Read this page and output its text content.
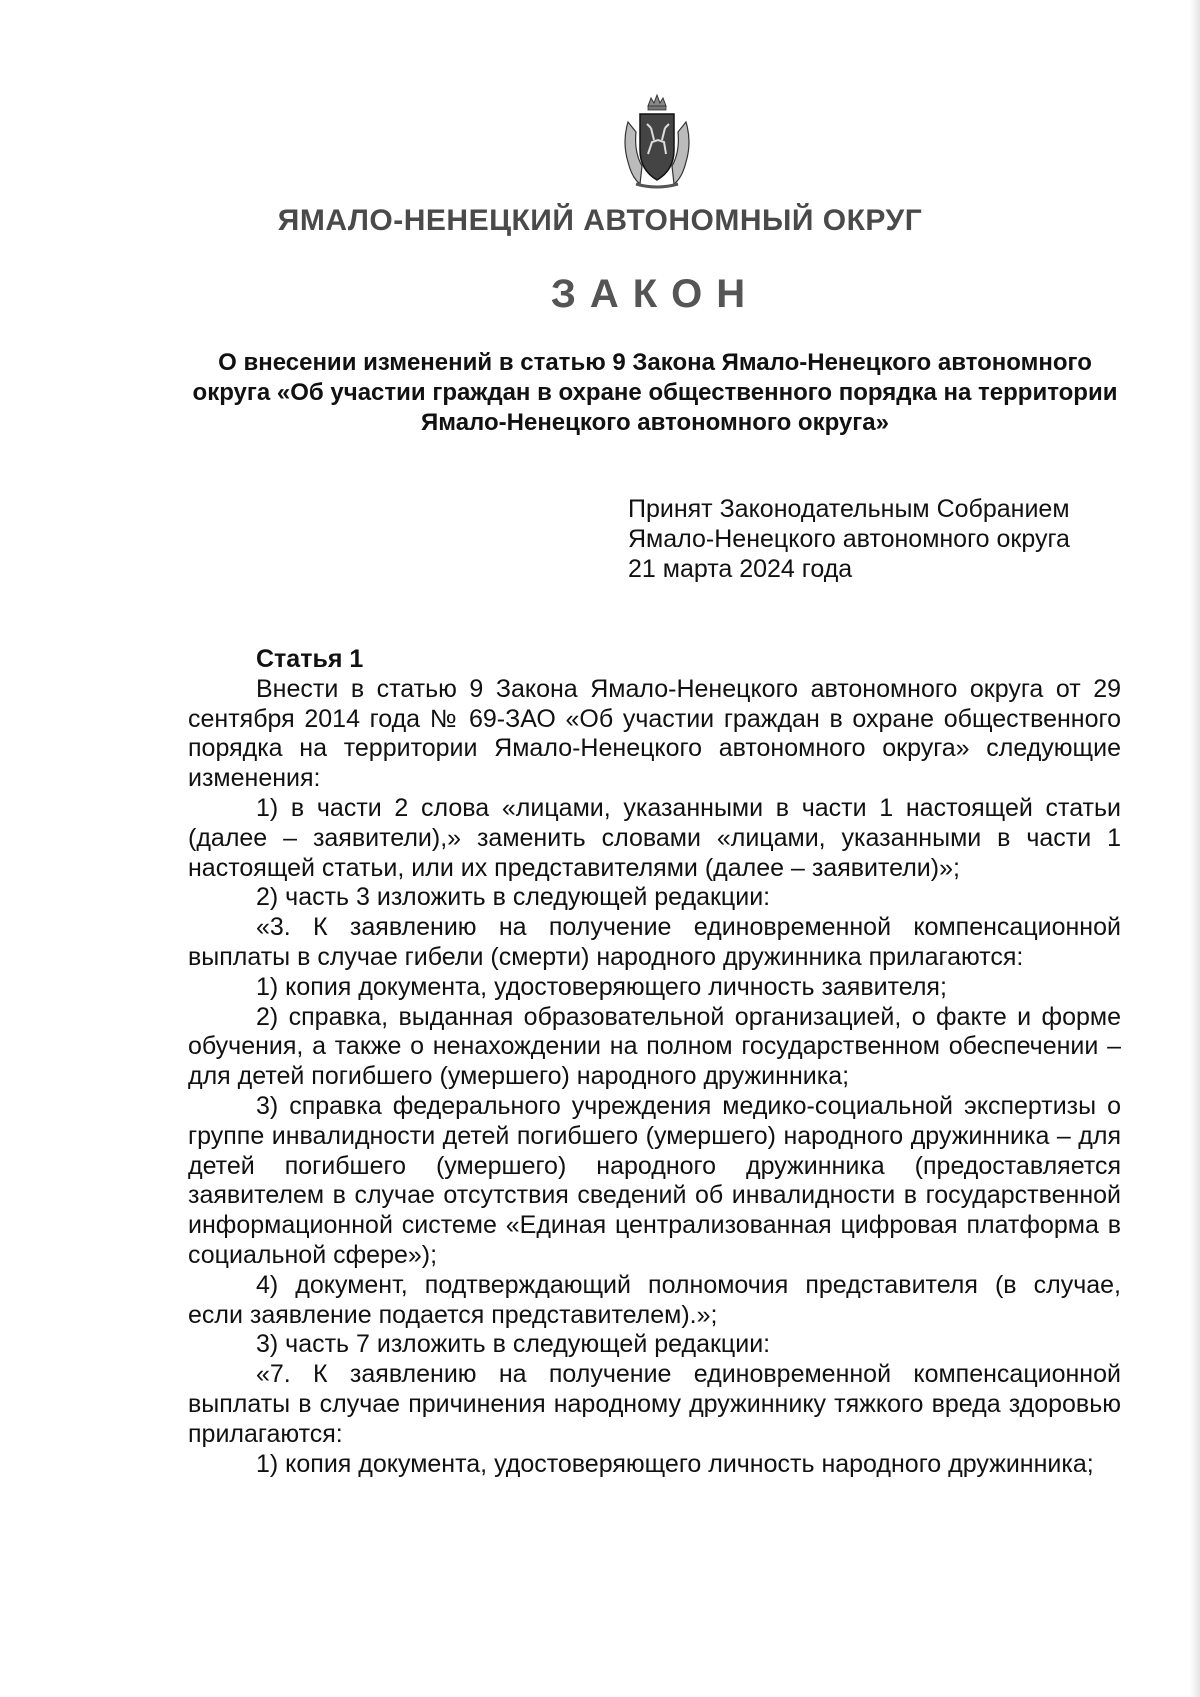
ЯМАЛО-НЕНЕЦКИЙ АВТОНОМНЫЙ ОКРУГ
ЗАКОН
О внесении изменений в статью 9 Закона Ямало-Ненецкого автономного округа «Об участии граждан в охране общественного порядка на территории Ямало-Ненецкого автономного округа»
Принят Законодательным Собранием
Ямало-Ненецкого автономного округа
21 марта 2024 года
Статья 1

Внести в статью 9 Закона Ямало-Ненецкого автономного округа от 29 сентября 2014 года № 69-ЗАО «Об участии граждан в охране общественного порядка на территории Ямало-Ненецкого автономного округа» следующие изменения:

1) в части 2 слова «лицами, указанными в части 1 настоящей статьи (далее – заявители),» заменить словами «лицами, указанными в части 1 настоящей статьи, или их представителями (далее – заявители)»;

2) часть 3 изложить в следующей редакции:

«3. К заявлению на получение единовременной компенсационной выплаты в случае гибели (смерти) народного дружинника прилагаются:

1) копия документа, удостоверяющего личность заявителя;

2) справка, выданная образовательной организацией, о факте и форме обучения, а также о ненахождении на полном государственном обеспечении – для детей погибшего (умершего) народного дружинника;

3) справка федерального учреждения медико-социальной экспертизы о группе инвалидности детей погибшего (умершего) народного дружинника – для детей погибшего (умершего) народного дружинника (предоставляется заявителем в случае отсутствия сведений об инвалидности в государственной информационной системе «Единая централизованная цифровая платформа в социальной сфере»);

4) документ, подтверждающий полномочия представителя (в случае, если заявление подается представителем).»;

3) часть 7 изложить в следующей редакции:

«7. К заявлению на получение единовременной компенсационной выплаты в случае причинения народному дружиннику тяжкого вреда здоровью прилагаются:

1) копия документа, удостоверяющего личность народного дружинника;
